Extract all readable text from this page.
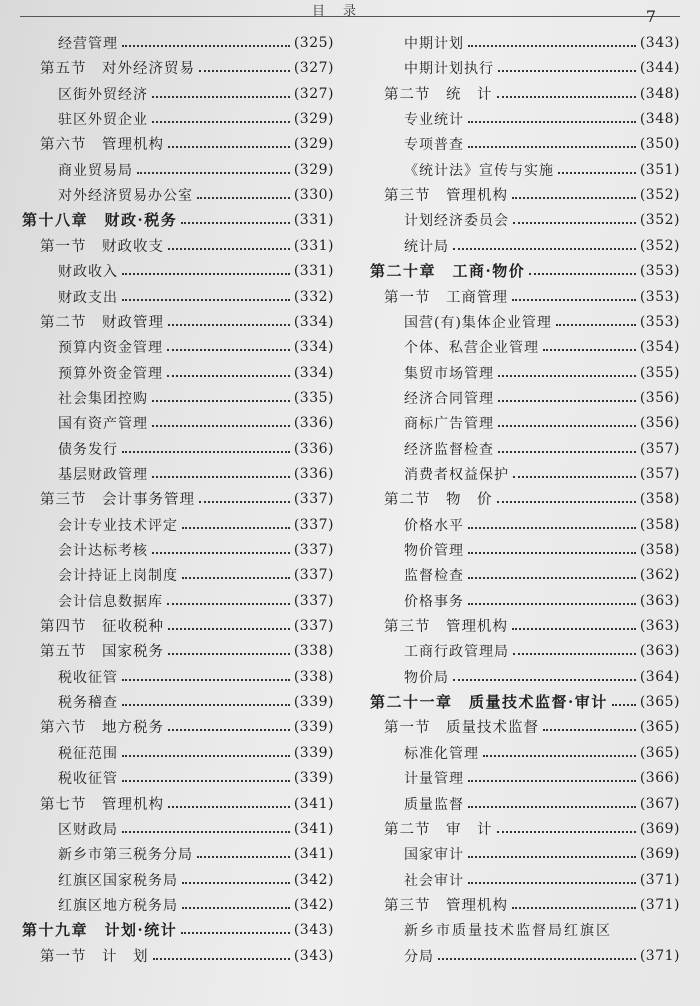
目录	7
经营管理	(325)
第五节　对外经济贸易	(327)
区街外贸经济	(327)
驻区外贸企业	(329)
第六节　管理机构	(329)
商业贸易局	(329)
对外经济贸易办公室	(330)
第十八章　财政·税务	(331)
第一节　财政收支	(331)
财政收入	(331)
财政支出	(332)
第二节　财政管理	(334)
预算内资金管理	(334)
预算外资金管理	(334)
社会集团控购	(335)
国有资产管理	(336)
债务发行	(336)
基层财政管理	(336)
第三节　会计事务管理	(337)
会计专业技术评定	(337)
会计达标考核	(337)
会计持证上岗制度	(337)
会计信息数据库	(337)
第四节　征收税种	(337)
第五节　国家税务	(338)
税收征管	(338)
税务稽查	(339)
第六节　地方税务	(339)
税征范围	(339)
税收征管	(339)
第七节　管理机构	(341)
区财政局	(341)
新乡市第三税务分局	(341)
红旗区国家税务局	(342)
红旗区地方税务局	(342)
第十九章　计划·统计	(343)
第一节　计　划	(343)
中期计划	(343)
中期计划执行	(344)
第二节　统　计	(348)
专业统计	(348)
专项普查	(350)
《统计法》宣传与实施	(351)
第三节　管理机构	(352)
计划经济委员会	(352)
统计局	(352)
第二十章　工商·物价	(353)
第一节　工商管理	(353)
国营(有)集体企业管理	(353)
个体、私营企业管理	(354)
集贸市场管理	(355)
经济合同管理	(356)
商标广告管理	(356)
经济监督检查	(357)
消费者权益保护	(357)
第二节　物　价	(358)
价格水平	(358)
物价管理	(358)
监督检查	(362)
价格事务	(363)
第三节　管理机构	(363)
工商行政管理局	(363)
物价局	(364)
第二十一章　质量技术监督·审计 (365)
第一节　质量技术监督	(365)
标准化管理	(365)
计量管理	(366)
质量监督	(367)
第二节　审　计	(369)
国家审计	(369)
社会审计	(371)
第三节　管理机构	(371)
新乡市质量技术监督局红旗区
分局	(371)
